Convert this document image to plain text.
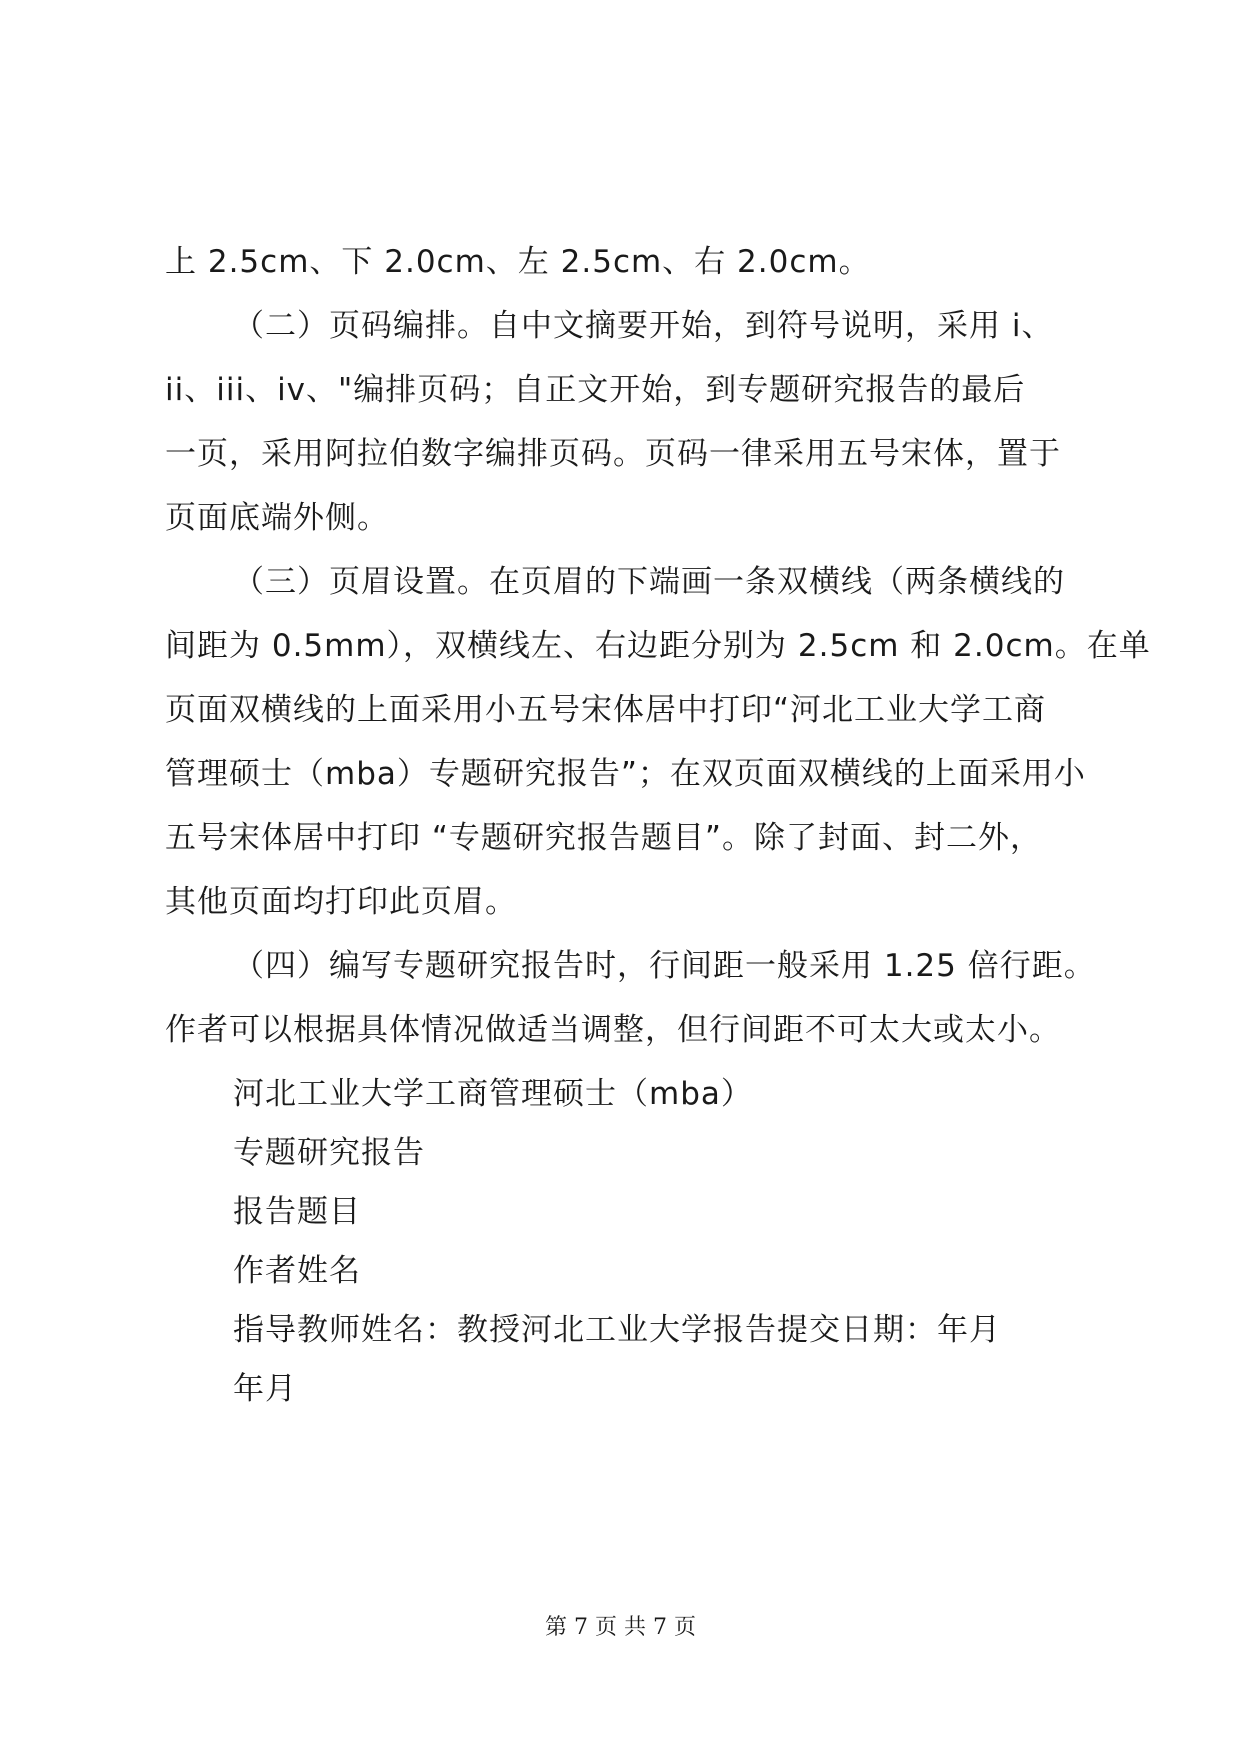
上 2.5cm、下 2.0cm、左 2.5cm、右 2.0cm。
（二）页码编排。自中文摘要开始，到符号说明，采用 i、
ii、iii、iv、"编排页码；自正文开始，到专题研究报告的最后
一页，采用阿拉伯数字编排页码。页码一律采用五号宋体，置于
页面底端外侧。
（三）页眉设置。在页眉的下端画一条双横线（两条横线的
间距为 0.5mm），双横线左、右边距分别为 2.5cm 和 2.0cm。在单
页面双横线的上面采用小五号宋体居中打印“河北工业大学工商
管理硕士（mba）专题研究报告”；在双页面双横线的上面采用小
五号宋体居中打印 “专题研究报告题目”。除了封面、封二外，
其他页面均打印此页眉。
（四）编写专题研究报告时，行间距一般采用 1.25 倍行距。
作者可以根据具体情况做适当调整，但行间距不可太大或太小。
河北工业大学工商管理硕士（mba）
专题研究报告
报告题目
作者姓名
指导教师姓名：教授河北工业大学报告提交日期：年月
年月
第 7 页 共 7 页
